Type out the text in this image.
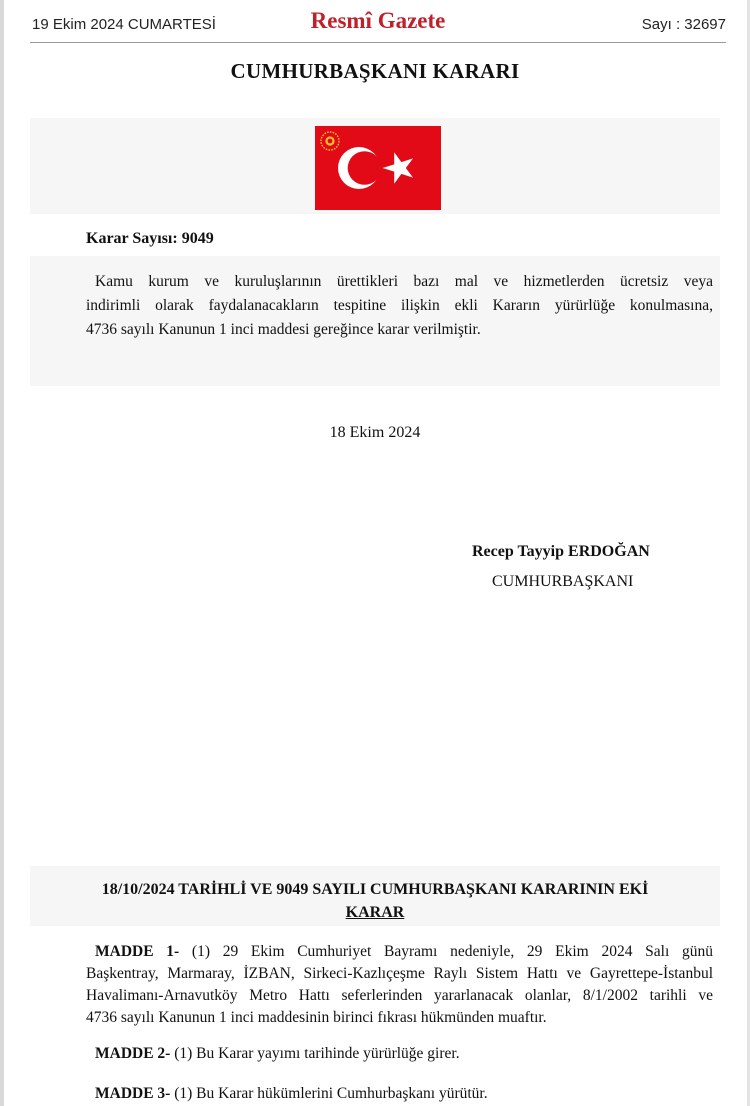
19 Ekim 2024 CUMARTESİ	Resmî Gazete	Sayı : 32697
CUMHURBAŞKANI KARARI
Karar Sayısı: 9049
Kamu kurum ve kuruluşlarının ürettikleri bazı mal ve hizmetlerden ücretsiz veya
indirimli olarak faydalanacakların tespitine ilişkin ekli Kararın yürürlüğe konulmasına,
4736 sayılı Kanunun 1 inci maddesi gereğince karar verilmiştir.
18 Ekim 2024
Recep Tayyip ERDOĞAN
CUMHURBAŞKANI
18/10/2024 TARİHLİ VE 9049 SAYILI CUMHURBAŞKANI KARARININ EKİ
KARAR
MADDE 1- (1) 29 Ekim Cumhuriyet Bayramı nedeniyle, 29 Ekim 2024 Salı günü
Başkentray, Marmaray, İZBAN, Sirkeci-Kazlıçeşme Raylı Sistem Hattı ve Gayrettepe-İstanbul
Havalimanı-Arnavutköy Metro Hattı seferlerinden yararlanacak olanlar, 8/1/2002 tarihli ve
4736 sayılı Kanunun 1 inci maddesinin birinci fıkrası hükmünden muaftır.
MADDE 2- (1) Bu Karar yayımı tarihinde yürürlüğe girer.
MADDE 3- (1) Bu Karar hükümlerini Cumhurbaşkanı yürütür.
